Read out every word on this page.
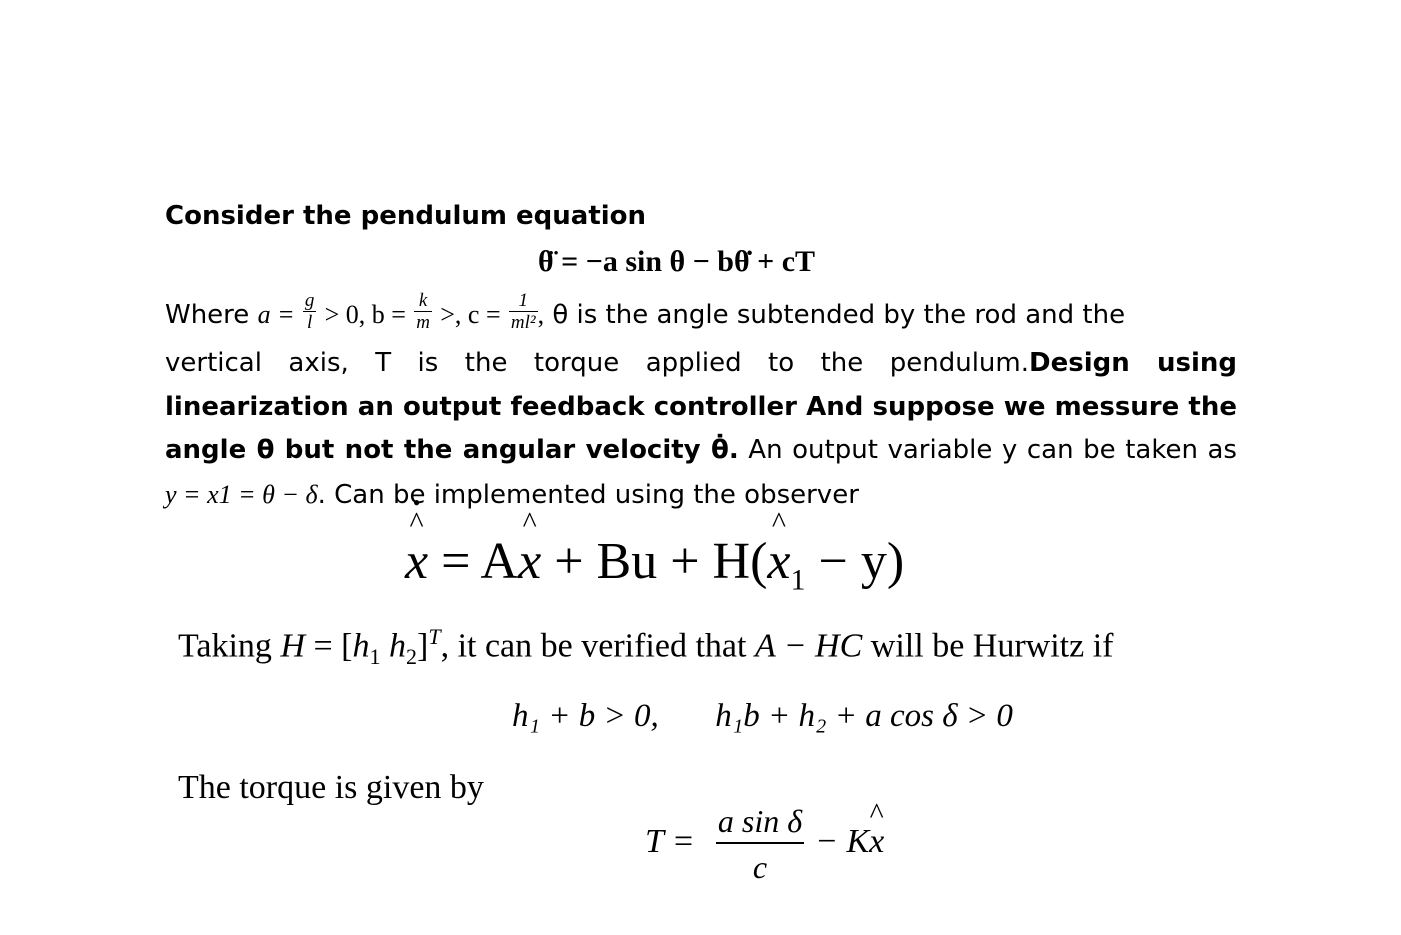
Consider the pendulum equation
θ̈ = −a sin θ − bθ̇ + cT
Where $a = \frac{g}{l} > 0$, $b = \frac{k}{m}$ >, $c = \frac{1}{\text{ml²}}$ , θ is the angle subtended by the rod and the
vertical axis, T is the torque applied to the pendulum.Design using linearization an output feedback controller And suppose we messure the angle θ but not the angular velocity θ̇. An output variable y can be taken as y = x1 = θ − δ. Can be implemented using the observer
^ x • = A^ x + Bu + H(^ $x_1 - y$)
Taking $H = [h_1$ $h_2]^T$, it can be verified that A − HC will be Hurwitz if
h₁ + b > 0, h₁b + h₂ + a cos δ > 0
The torque is given by
T =
a sin δ
c
− K^ x
